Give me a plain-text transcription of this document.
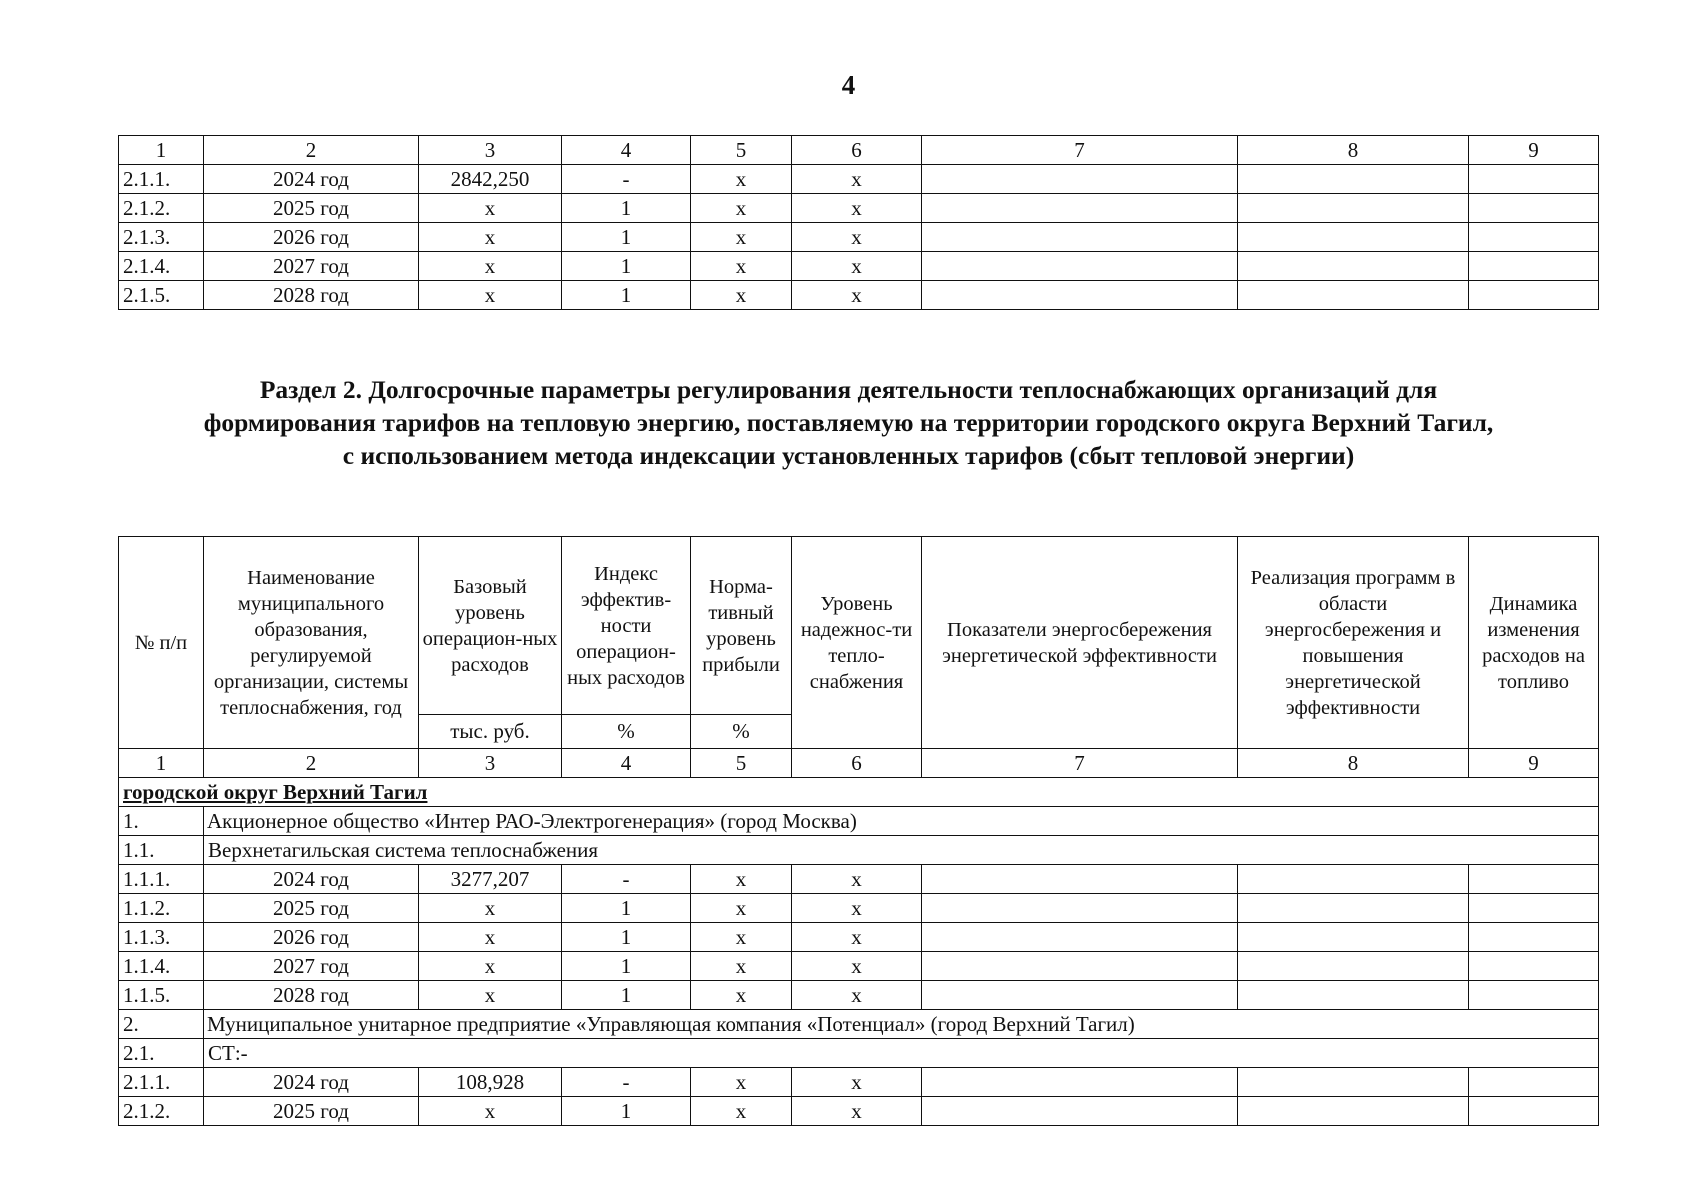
4
1	2	3	4	5	6	7	8	9
2.1.1.	2024 год	2842,250	-	х	х			
2.1.2.	2025 год	х	1	х	х			
2.1.3.	2026 год	х	1	х	х			
2.1.4.	2027 год	х	1	х	х			
2.1.5.	2028 год	х	1	х	х			
Раздел 2. Долгосрочные параметры регулирования деятельности теплоснабжающих организаций для
формирования тарифов на тепловую энергию, поставляемую на территории городского округа Верхний Тагил,
с использованием метода индексации установленных тарифов (сбыт тепловой энергии)
№ п/п	Наименование муниципального образования, регулируемой организации, системы теплоснабжения, год	Базовый уровень операцион-ных расходов	Индекс эффектив-ности операцион-ных расходов	Норма-тивный уровень прибыли	Уровень надежнос-ти тепло-снабжения	Показатели энергосбережения энергетической эффективности	Реализация программ в области энергосбережения и повышения энергетической эффективности	Динамика изменения расходов на топливо
		тыс. руб.	%	%				
1	2	3	4	5	6	7	8	9
городской округ Верхний Тагил								
1.	Акционерное общество «Интер РАО-Электрогенерация» (город Москва)							
1.1.	Верхнетагильская система теплоснабжения							
1.1.1.	2024 год	3277,207	-	х	х			
1.1.2.	2025 год	х	1	х	х			
1.1.3.	2026 год	х	1	х	х			
1.1.4.	2027 год	х	1	х	х			
1.1.5.	2028 год	х	1	х	х			
2.	Муниципальное унитарное предприятие «Управляющая компания «Потенциал» (город Верхний Тагил)							
2.1.	СТ:-							
2.1.1.	2024 год	108,928	-	х	х			
2.1.2.	2025 год	х	1	х	х			
